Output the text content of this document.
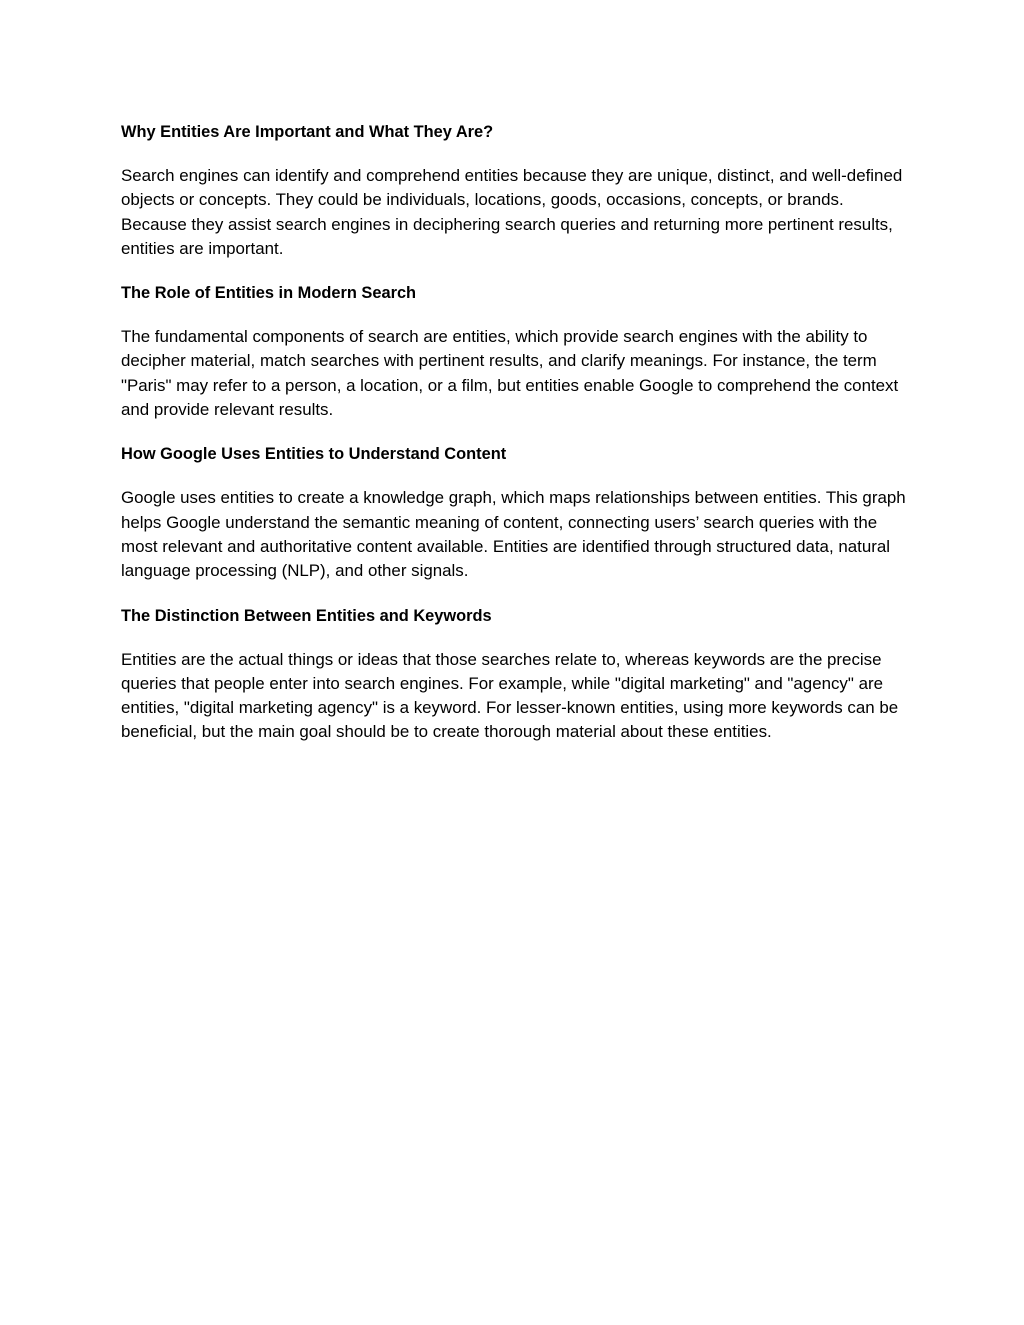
Why Entities Are Important and What They Are?
Search engines can identify and comprehend entities because they are unique, distinct, and well-defined objects or concepts. They could be individuals, locations, goods, occasions, concepts, or brands. Because they assist search engines in deciphering search queries and returning more pertinent results, entities are important.
The Role of Entities in Modern Search
The fundamental components of search are entities, which provide search engines with the ability to decipher material, match searches with pertinent results, and clarify meanings. For instance, the term "Paris" may refer to a person, a location, or a film, but entities enable Google to comprehend the context and provide relevant results.
How Google Uses Entities to Understand Content
Google uses entities to create a knowledge graph, which maps relationships between entities. This graph helps Google understand the semantic meaning of content, connecting users’ search queries with the most relevant and authoritative content available. Entities are identified through structured data, natural language processing (NLP), and other signals.
The Distinction Between Entities and Keywords
Entities are the actual things or ideas that those searches relate to, whereas keywords are the precise queries that people enter into search engines. For example, while "digital marketing" and "agency" are entities, "digital marketing agency" is a keyword. For lesser-known entities, using more keywords can be beneficial, but the main goal should be to create thorough material about these entities.
